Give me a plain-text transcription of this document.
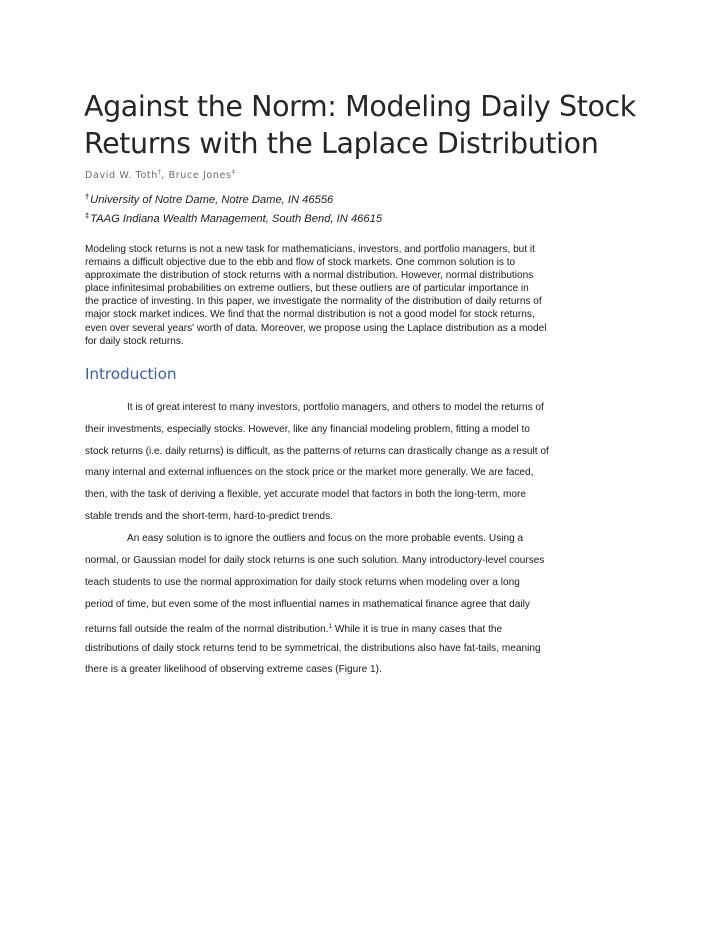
Against the Norm: Modeling Daily Stock
Returns with the Laplace Distribution
David W. Toth†, Bruce Jones‡
†University of Notre Dame, Notre Dame, IN 46556
‡TAAG Indiana Wealth Management, South Bend, IN 46615
Modeling stock returns is not a new task for mathematicians, investors, and portfolio managers, but it
remains a difficult objective due to the ebb and flow of stock markets. One common solution is to
approximate the distribution of stock returns with a normal distribution. However, normal distributions
place infinitesimal probabilities on extreme outliers, but these outliers are of particular importance in
the practice of investing. In this paper, we investigate the normality of the distribution of daily returns of
major stock market indices. We find that the normal distribution is not a good model for stock returns,
even over several years' worth of data. Moreover, we propose using the Laplace distribution as a model
for daily stock returns.
Introduction
It is of great interest to many investors, portfolio managers, and others to model the returns of
their investments, especially stocks. However, like any financial modeling problem, fitting a model to
stock returns (i.e. daily returns) is difficult, as the patterns of returns can drastically change as a result of
many internal and external influences on the stock price or the market more generally. We are faced,
then, with the task of deriving a flexible, yet accurate model that factors in both the long-term, more
stable trends and the short-term, hard-to-predict trends.
An easy solution is to ignore the outliers and focus on the more probable events. Using a
normal, or Gaussian model for daily stock returns is one such solution. Many introductory-level courses
teach students to use the normal approximation for daily stock returns when modeling over a long
period of time, but even some of the most influential names in mathematical finance agree that daily
returns fall outside the realm of the normal distribution.$^1$ While it is true in many cases that the
distributions of daily stock returns tend to be symmetrical, the distributions also have fat-tails, meaning
there is a greater likelihood of observing extreme cases (Figure 1).
